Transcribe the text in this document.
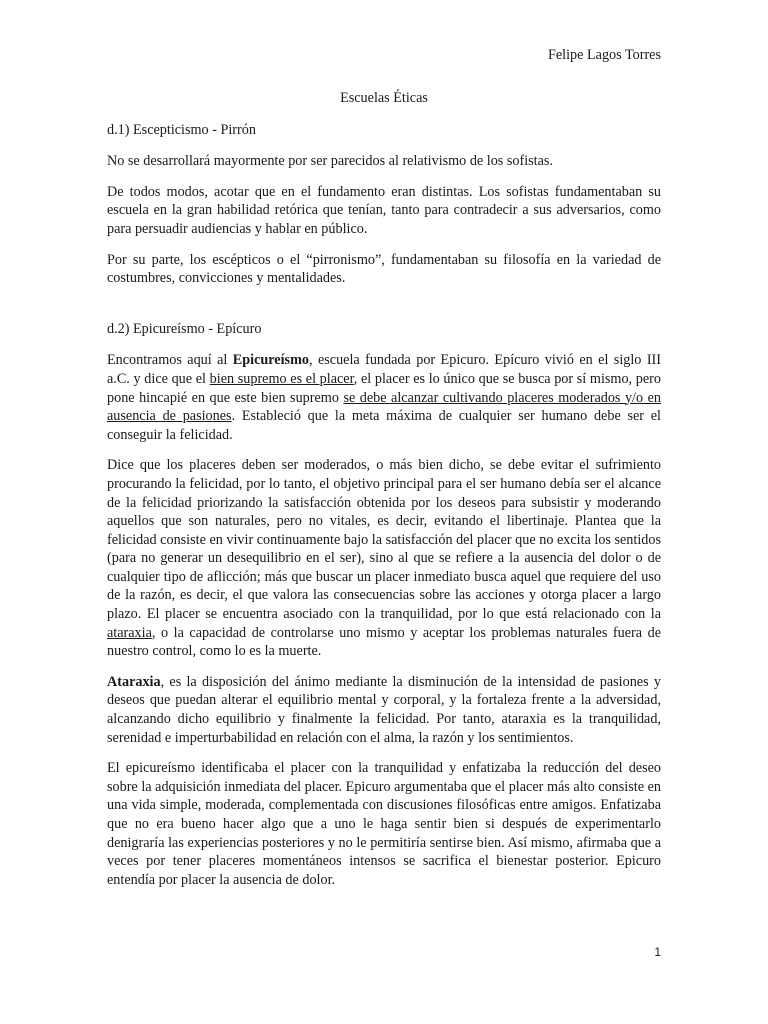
Felipe Lagos Torres
Escuelas Éticas
d.1) Escepticismo - Pirrón

No se desarrollará mayormente por ser parecidos al relativismo de los sofistas.

De todos modos, acotar que en el fundamento eran distintas. Los sofistas fundamentaban su escuela en la gran habilidad retórica que tenían, tanto para contradecir a sus adversarios, como para persuadir audiencias y hablar en público.

Por su parte, los escépticos o el “pirronismo”, fundamentaban su filosofía en la variedad de costumbres, convicciones y mentalidades.

d.2) Epicureísmo - Epícuro

Encontramos aquí al Epicureísmo, escuela fundada por Epicuro. Epícuro vivió en el siglo III a.C. y dice que el bien supremo es el placer, el placer es lo único que se busca por sí mismo, pero pone hincapié en que este bien supremo se debe alcanzar cultivando placeres moderados y/o en ausencia de pasiones. Estableció que la meta máxima de cualquier ser humano debe ser el conseguir la felicidad.

Dice que los placeres deben ser moderados, o más bien dicho, se debe evitar el sufrimiento procurando la felicidad, por lo tanto, el objetivo principal para el ser humano debía ser el alcance de la felicidad priorizando la satisfacción obtenida por los deseos para subsistir y moderando aquellos que son naturales, pero no vitales, es decir, evitando el libertinaje. Plantea que la felicidad consiste en vivir continuamente bajo la satisfacción del placer que no excita los sentidos (para no generar un desequilibrio en el ser), sino al que se refiere a la ausencia del dolor o de cualquier tipo de aflicción; más que buscar un placer inmediato busca aquel que requiere del uso de la razón, es decir, el que valora las consecuencias sobre las acciones y otorga placer a largo plazo. El placer se encuentra asociado con la tranquilidad, por lo que está relacionado con la ataraxia, o la capacidad de controlarse uno mismo y aceptar los problemas naturales fuera de nuestro control, como lo es la muerte.

Ataraxia, es la disposición del ánimo mediante la disminución de la intensidad de pasiones y deseos que puedan alterar el equilibrio mental y corporal, y la fortaleza frente a la adversidad, alcanzando dicho equilibrio y finalmente la felicidad. Por tanto, ataraxia es la tranquilidad, serenidad e imperturbabilidad en relación con el alma, la razón y los sentimientos.

El epicureísmo identificaba el placer con la tranquilidad y enfatizaba la reducción del deseo sobre la adquisición inmediata del placer. Epicuro argumentaba que el placer más alto consiste en una vida simple, moderada, complementada con discusiones filosóficas entre amigos. Enfatizaba que no era bueno hacer algo que a uno le haga sentir bien si después de experimentarlo denigraría las experiencias posteriores y no le permitiría sentirse bien. Así mismo, afirmaba que a veces por tener placeres momentáneos intensos se sacrifica el bienestar posterior. Epicuro entendía por placer la ausencia de dolor.

1
